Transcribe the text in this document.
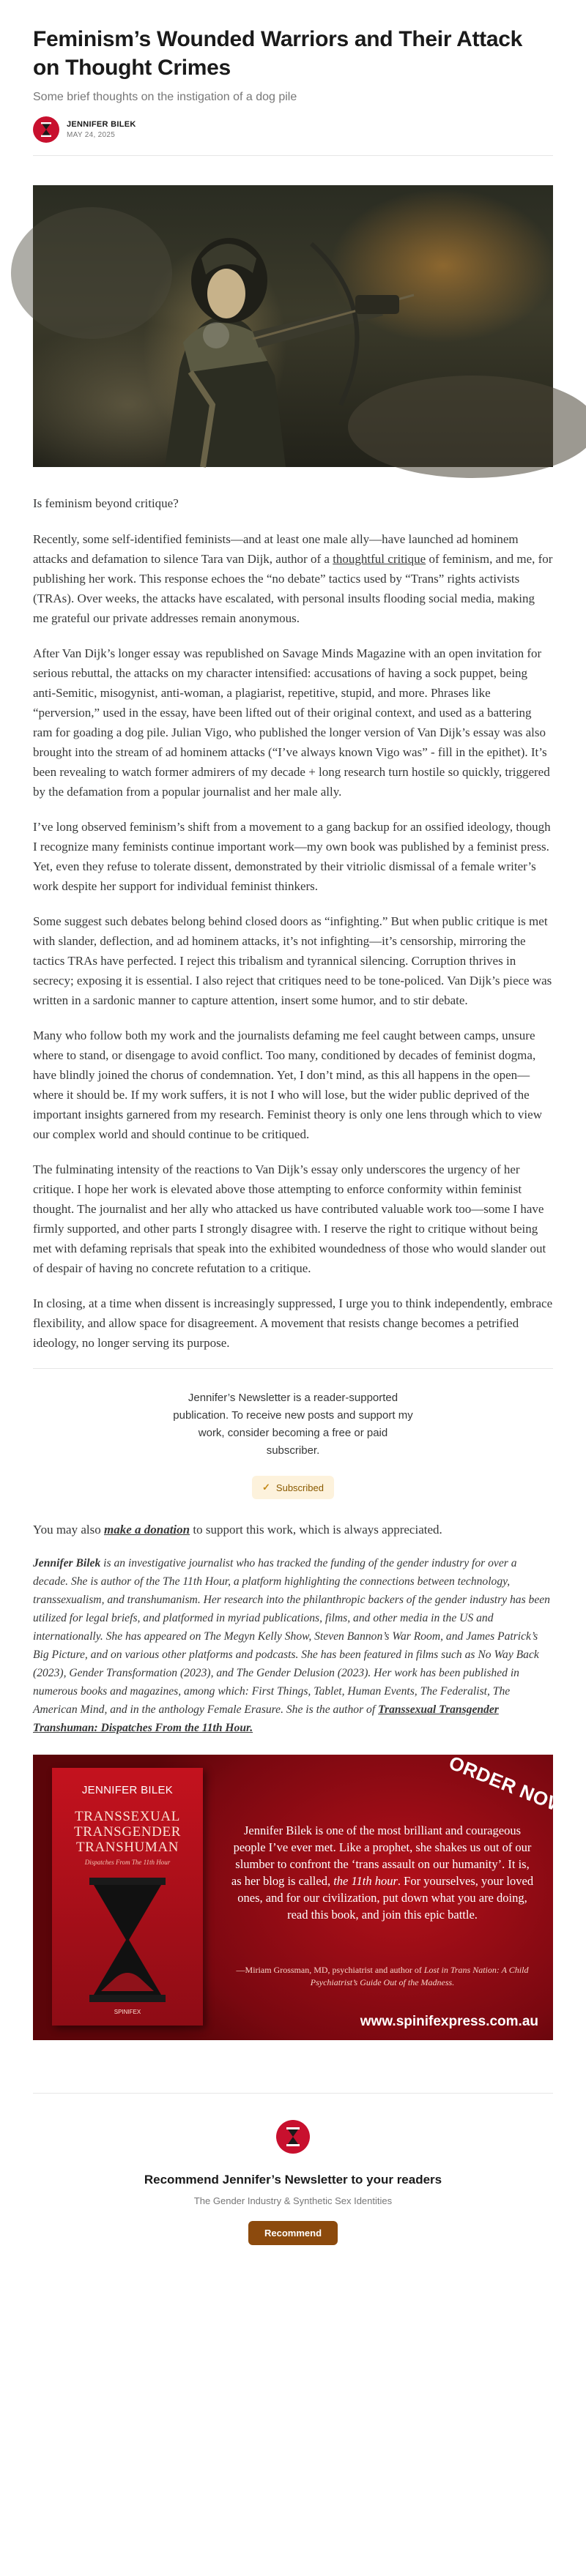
Feminism’s Wounded Warriors and Their Attack on Thought Crimes
Some brief thoughts on the instigation of a dog pile
JENNIFER BILEK
MAY 24, 2025

Is feminism beyond critique?

Recently, some self-identified feminists—and at least one male ally—have launched ad hominem attacks and defamation to silence Tara van Dijk, author of a thoughtful critique of feminism, and me, for publishing her work. This response echoes the “no debate” tactics used by “Trans” rights activists (TRAs). Over weeks, the attacks have escalated, with personal insults flooding social media, making me grateful our private addresses remain anonymous.

After Van Dijk’s longer essay was republished on Savage Minds Magazine with an open invitation for serious rebuttal, the attacks on my character intensified: accusations of having a sock puppet, being anti-Semitic, misogynist, anti-woman, a plagiarist, repetitive, stupid, and more. Phrases like “perversion,” used in the essay, have been lifted out of their original context, and used as a battering ram for goading a dog pile. Julian Vigo, who published the longer version of Van Dijk’s essay was also brought into the stream of ad hominem attacks (“I’ve always known Vigo was” - fill in the epithet). It’s been revealing to watch former admirers of my decade + long research turn hostile so quickly, triggered by the defamation from a popular journalist and her male ally.

I’ve long observed feminism’s shift from a movement to a gang backup for an ossified ideology, though I recognize many feminists continue important work—my own book was published by a feminist press. Yet, even they refuse to tolerate dissent, demonstrated by their vitriolic dismissal of a female writer’s work despite her support for individual feminist thinkers.

Some suggest such debates belong behind closed doors as “infighting.” But when public critique is met with slander, deflection, and ad hominem attacks, it’s not infighting—it’s censorship, mirroring the tactics TRAs have perfected. I reject this tribalism and tyrannical silencing. Corruption thrives in secrecy; exposing it is essential. I also reject that critiques need to be tone-policed. Van Dijk’s piece was written in a sardonic manner to capture attention, insert some humor, and to stir debate.

Many who follow both my work and the journalists defaming me feel caught between camps, unsure where to stand, or disengage to avoid conflict. Too many, conditioned by decades of feminist dogma, have blindly joined the chorus of condemnation. Yet, I don’t mind, as this all happens in the open—where it should be. If my work suffers, it is not I who will lose, but the wider public deprived of the important insights garnered from my research. Feminist theory is only one lens through which to view our complex world and should continue to be critiqued.

The fulminating intensity of the reactions to Van Dijk’s essay only underscores the urgency of her critique. I hope her work is elevated above those attempting to enforce conformity within feminist thought. The journalist and her ally who attacked us have contributed valuable work too—some I have firmly supported, and other parts I strongly disagree with. I reserve the right to critique without being met with defaming reprisals that speak into the exhibited woundedness of those who would slander out of despair of having no concrete refutation to a critique.

In closing, at a time when dissent is increasingly suppressed, I urge you to think independently, embrace flexibility, and allow space for disagreement. A movement that resists change becomes a petrified ideology, no longer serving its purpose.

Jennifer’s Newsletter is a reader-supported publication. To receive new posts and support my work, consider becoming a free or paid subscriber.
✓ Subscribed
You may also make a donation to support this work, which is always appreciated.
Jennifer Bilek is an investigative journalist who has tracked the funding of the gender industry for over a decade. She is author of the The 11th Hour, a platform highlighting the connections between technology, transsexualism, and transhumanism. Her research into the philanthropic backers of the gender industry has been utilized for legal briefs, and platformed in myriad publications, films, and other media in the US and internationally. She has appeared on The Megyn Kelly Show, Steven Bannon’s War Room, and James Patrick’s Big Picture, and on various other platforms and podcasts. She has been featured in films such as No Way Back (2023), Gender Transformation (2023), and The Gender Delusion (2023). Her work has been published in numerous books and magazines, among which: First Things, Tablet, Human Events, The Federalist, The American Mind, and in the anthology Female Erasure. She is the author of Transsexual Transgender Transhuman: Dispatches From the 11th Hour.
JENNIFER BILEK
TRANSSEXUAL
TRANSGENDER
TRANSHUMAN
Dispatches From The 11th Hour
SPINIFEX
ORDER NOW
Jennifer Bilek is one of the most brilliant and courageous people I’ve ever met. Like a prophet, she shakes us out of our slumber to confront the ‘trans assault on our humanity’. It is, as her blog is called, the 11th hour. For yourselves, your loved ones, and for our civilization, put down what you are doing, read this book, and join this epic battle.
—Miriam Grossman, MD, psychiatrist and author of Lost in Trans Nation: A Child Psychiatrist’s Guide Out of the Madness.
www.spinifexpress.com.au
Recommend Jennifer’s Newsletter to your readers
The Gender Industry & Synthetic Sex Identities
Recommend
